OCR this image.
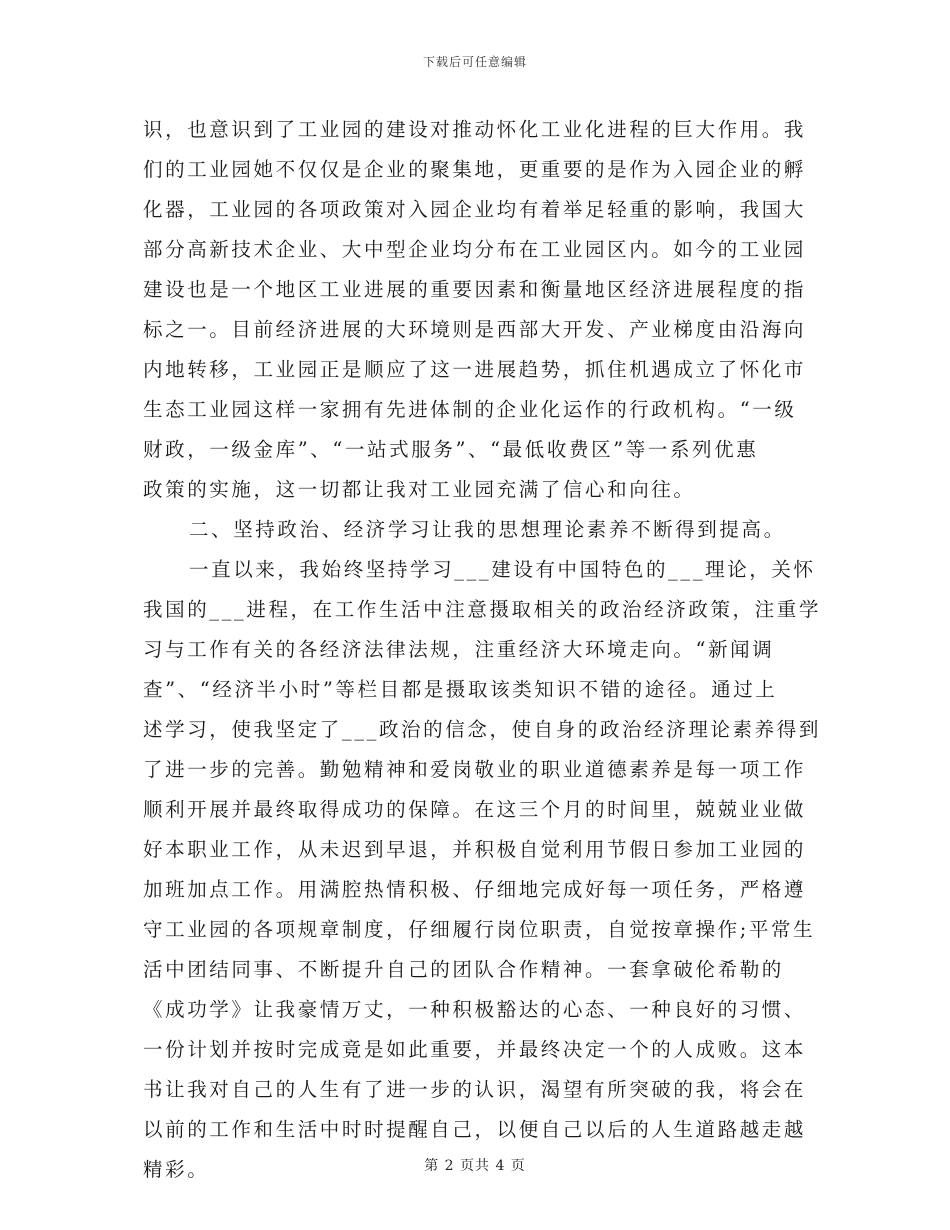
下载后可任意编辑
识，也意识到了工业园的建设对推动怀化工业化进程的巨大作用。我
们的工业园她不仅仅是企业的聚集地，更重要的是作为入园企业的孵
化器，工业园的各项政策对入园企业均有着举足轻重的影响，我国大
部分高新技术企业、大中型企业均分布在工业园区内。如今的工业园
建设也是一个地区工业进展的重要因素和衡量地区经济进展程度的指
标之一。目前经济进展的大环境则是西部大开发、产业梯度由沿海向
内地转移，工业园正是顺应了这一进展趋势，抓住机遇成立了怀化市
生态工业园这样一家拥有先进体制的企业化运作的行政机构。“一级
财政，一级金库”、“一站式服务”、“最低收费区”等一系列优惠
政策的实施，这一切都让我对工业园充满了信心和向往。
二、坚持政治、经济学习让我的思想理论素养不断得到提高。
一直以来，我始终坚持学习___建设有中国特色的___理论，关怀
我国的___进程，在工作生活中注意摄取相关的政治经济政策，注重学
习与工作有关的各经济法律法规，注重经济大环境走向。“新闻调
查”、“经济半小时”等栏目都是摄取该类知识不错的途径。通过上
述学习，使我坚定了___政治的信念，使自身的政治经济理论素养得到
了进一步的完善。勤勉精神和爱岗敬业的职业道德素养是每一项工作
顺利开展并最终取得成功的保障。在这三个月的时间里，兢兢业业做
好本职业工作，从未迟到早退，并积极自觉利用节假日参加工业园的
加班加点工作。用满腔热情积极、仔细地完成好每一项任务，严格遵
守工业园的各项规章制度，仔细履行岗位职责，自觉按章操作;平常生
活中团结同事、不断提升自己的团队合作精神。一套拿破伦希勒的
《成功学》让我豪情万丈，一种积极豁达的心态、一种良好的习惯、
一份计划并按时完成竟是如此重要，并最终决定一个的人成败。这本
书让我对自己的人生有了进一步的认识，渴望有所突破的我，将会在
以前的工作和生活中时时提醒自己，以便自己以后的人生道路越走越
精彩。	第 2 页共 4 页
